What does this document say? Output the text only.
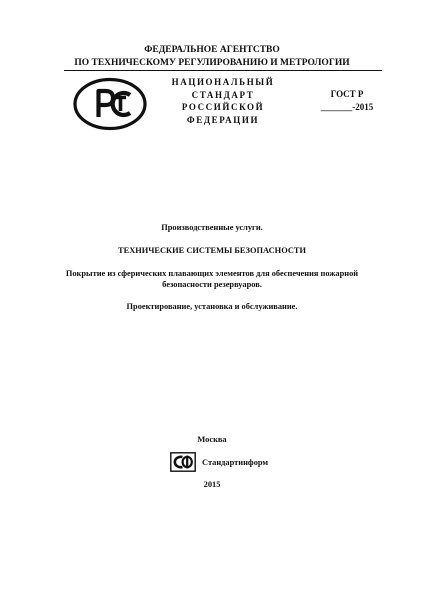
ФЕДЕРАЛЬНОЕ АГЕНТСТВО
ПО ТЕХНИЧЕСКОМУ РЕГУЛИРОВАНИЮ И МЕТРОЛОГИИ
НАЦИОНАЛЬНЫЙ
СТАНДАРТ
РОССИЙСКОЙ
ФЕДЕРАЦИИ
ГОСТ Р
_______-2015

Производственные услуги.

ТЕХНИЧЕСКИЕ СИСТЕМЫ БЕЗОПАСНОСТИ

Покрытие из сферических плавающих элементов для обеспечения пожарной безопасности резервуаров.

Проектирование, установка и обслуживание.

Москва
Стандартинформ
2015
